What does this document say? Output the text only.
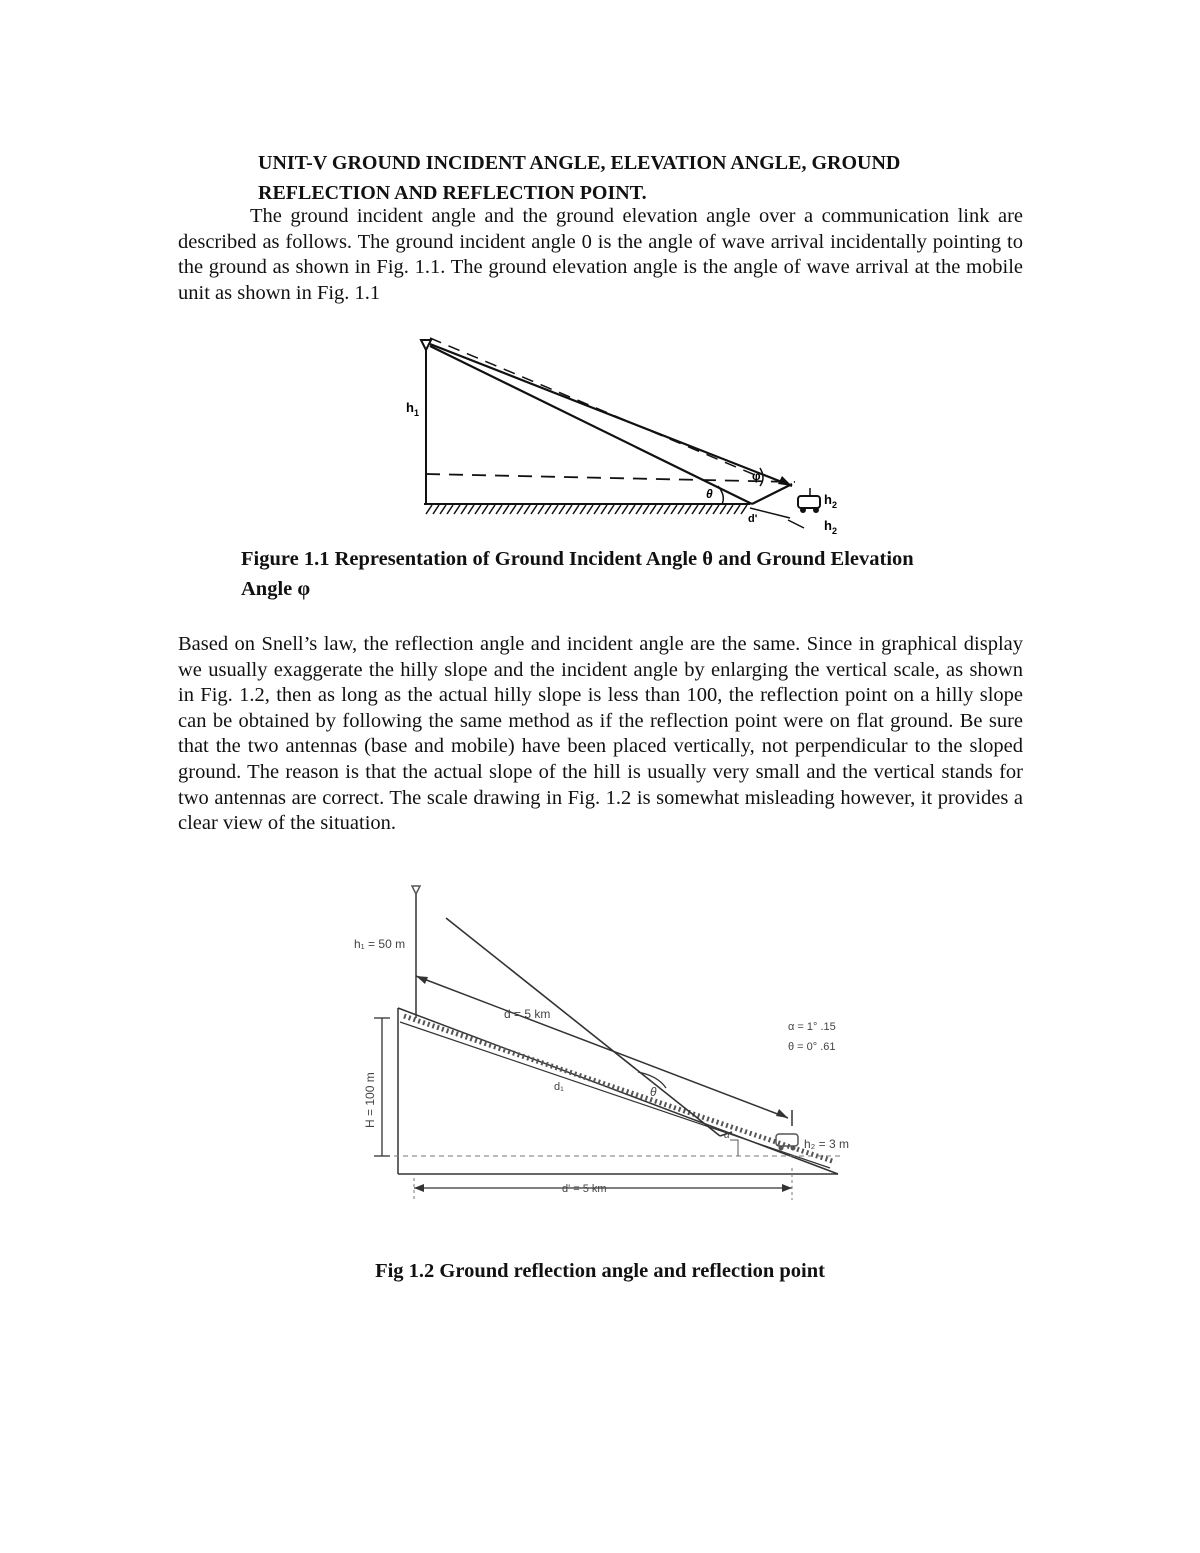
UNIT-V GROUND INCIDENT ANGLE, ELEVATION ANGLE, GROUND
REFLECTION AND REFLECTION POINT.

The ground incident angle and the ground elevation angle over a communication link are described as follows. The ground incident angle 0 is the angle of wave arrival incidentally pointing to the ground as shown in Fig. 1.1. The ground elevation angle is the angle of wave arrival at the mobile unit as shown in Fig. 1.1

$h_1$
φ
θ	$h_2$
$h_2$
d'

Figure 1.1 Representation of Ground Incident Angle θ and Ground Elevation
Angle φ

Based on Snell’s law, the reflection angle and incident angle are the same. Since in graphical display we usually exaggerate the hilly slope and the incident angle by enlarging the vertical scale, as shown in Fig. 1.2, then as long as the actual hilly slope is less than 100, the reflection point on a hilly slope can be obtained by following the same method as if the reflection point were on flat ground. Be sure that the two antennas (base and mobile) have been placed vertically, not perpendicular to the sloped ground. The reason is that the actual slope of the hill is usually very small and the vertical stands for two antennas are correct. The scale drawing in Fig. 1.2 is somewhat misleading however, it provides a clear view of the situation.

h₁ = 50 m
d = 5 km
α = 1° .15
θ = 0° .61
H = 100 m	d₁	θ
α
h₂ = 3 m
d' = 5 km

Fig 1.2 Ground reflection angle and reflection point
